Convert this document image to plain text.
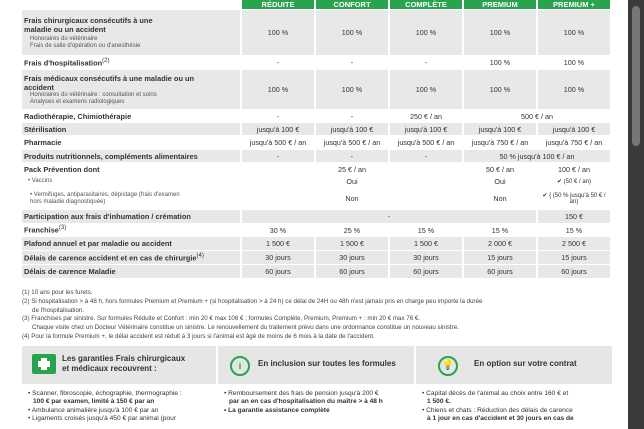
	RÉDUITE	CONFORT	COMPLÈTE	PREMIUM	PREMIUM +

Frais chirurgicaux consécutifs à une
maladie ou un accident
Honoraires du vétérinaire
Frais de salle d'opération ou d'anesthésie	100 %	100 %	100 %	100 %	100 %
Frais d'hospitalisation$^{(2)}$	-	-	-	100 %	100 %

Frais médicaux consécutifs à une maladie ou un
accident
Honoraires du vétérinaire : consultation et soins
Analyses et examens radiologiques	100 %	100 %	100 %	100 %	100 %
Radiothérapie, Chimiothérapie	-	-	250 € / an	500 € / an	
Stérilisation	jusqu'à 100 €	jusqu'à 100 €	jusqu'à 100 €	jusqu'à 100 €	jusqu'à 100 €
Pharmacie	jusqu'à 500 € / an	jusqu'à 500 € / an	jusqu'à 500 € / an	jusqu'à 750 € / an	jusqu'à 750 € / an
Produits nutritionnels, compléments alimentaires	-	-	-	50 % jusqu'à 100 € / an	
Pack Prévention dont	25 € / an			50 € / an	100 € / an
• Vaccins	Oui			Oui	✔ (50 € / an)

• Vermifuges, antiparasitaires, dépistage (frais d'examen
hors maladie diagnostiquée)	Non			Non	✔ { (50 % jusqu'à 50 € / an)
Participation aux frais d'inhumation / crémation	-				150 €
Franchise$^{(3)}$	30 %	25 %	15 %	15 %	15 %
Plafond annuel et par maladie ou accident	1 500 €	1 500 €	1 500 €	2 000 €	2 500 €
Délais de carence accident et en cas de chirurgie$^{(4)}$	30 jours	30 jours	30 jours	15 jours	15 jours
Délais de carence Maladie	60 jours	60 jours	60 jours	60 jours	60 jours
(1) 10 ans pour les furets.
(2) Si hospitalisation > à 48 h, hors formules Premium et Premium + (si hospitalisation > à 24 h) ce délai de 24H ou 48h n'est jamais pris en charge peu importe la durée
de l'hospitalisation.
(3) Franchises par sinistre. Sur formules Réduite et Confort : min 20 € max 106 € ; formules Complète, Premium, Premium + : min 20 € max 76 €.
Chaque visite chez un Docteur Vétérinaire constitue un sinistre. Le renouvellement du traitement prévu dans une ordonnance constitue un nouveau sinistre.
(4) Pour la formule Premium +, le délai accident est réduit à 3 jours si l'animal est âgé de moins de 6 mois à la date de l'accident.
Les garanties Frais chirurgicaux
et médicaux recouvrent :
• Scanner, fibroscopie, échographie, thermographie :
100 € par examen, limité à 150 € par an
• Ambulance animalière jusqu'à 100 € par an
• Ligaments croisés jusqu'à 450 € par animal (pour
i	En inclusion sur toutes les formules
• Remboursement des frais de pension jusqu'à 200 €
par an en cas d'hospitalisation du maître > à 48 h
• La garantie assistance complète
💡	En option sur votre contrat
• Capital décès de l'animal au choix entre 160 € et
1 500 €.
• Chiens et chats : Réduction des délais de carence
à 1 jour en cas d'accident et 30 jours en cas de
